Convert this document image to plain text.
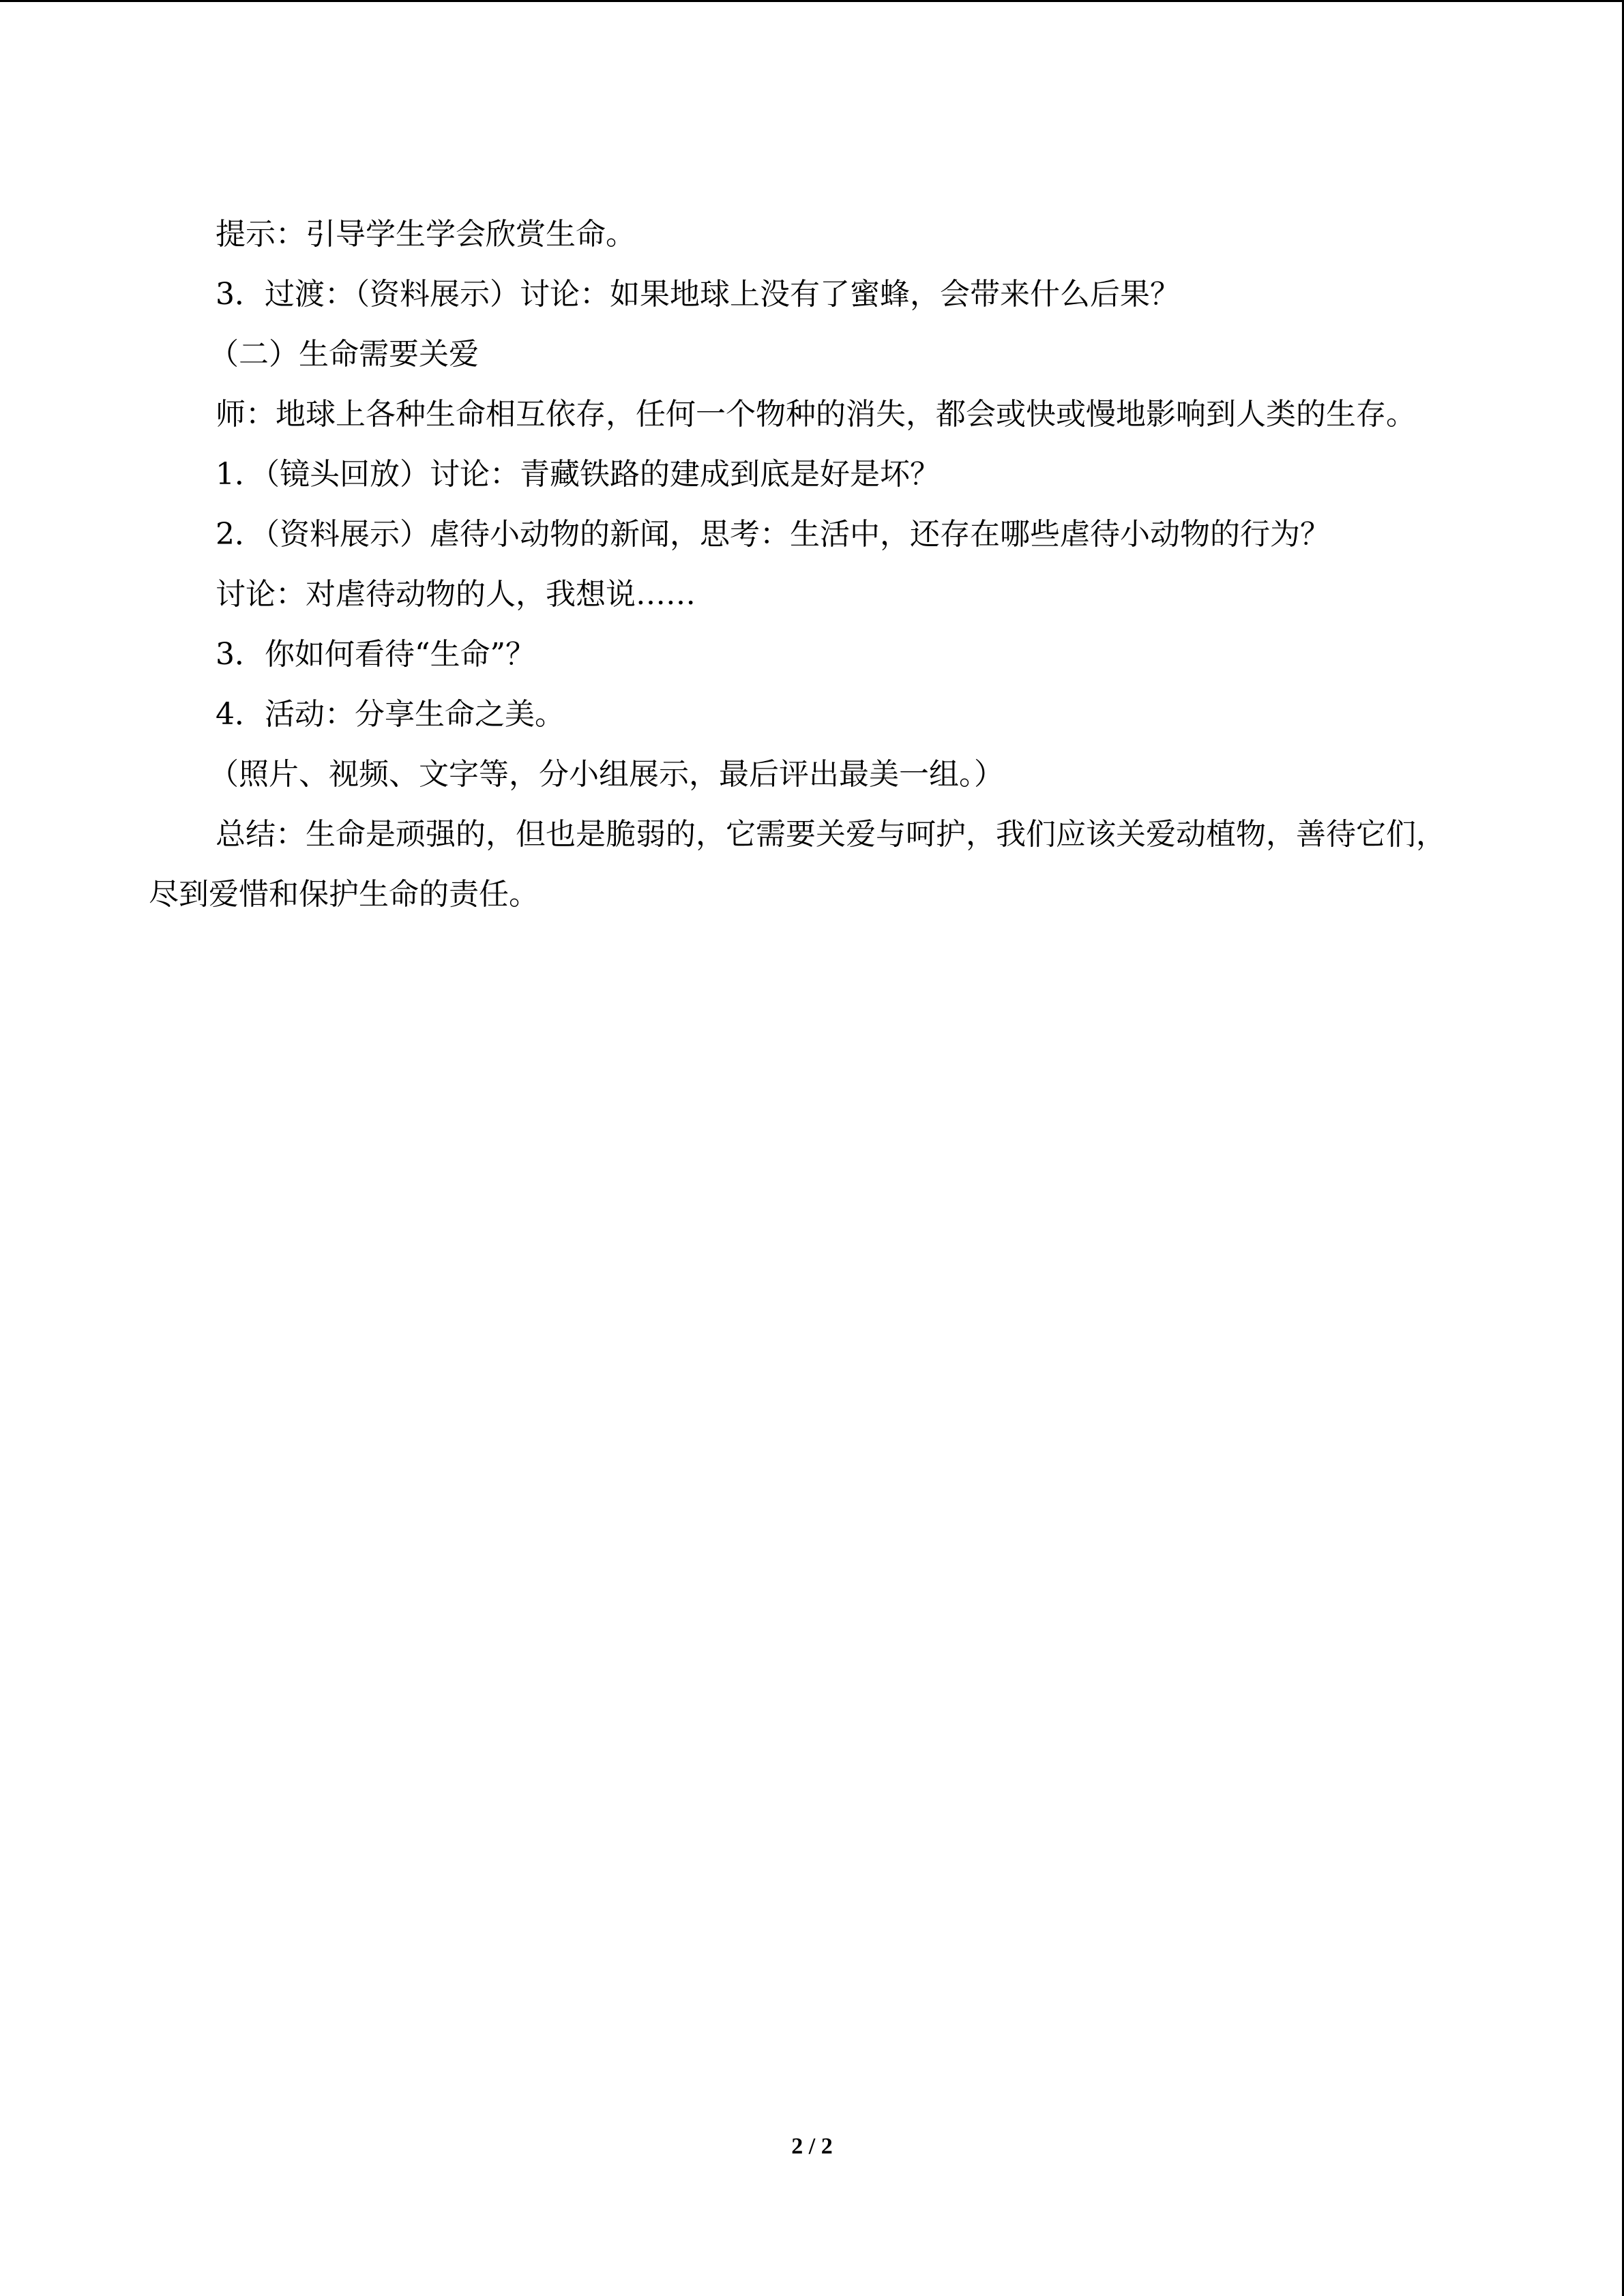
提示：引导学生学会欣赏生命。

3．过渡：（资料展示）讨论：如果地球上没有了蜜蜂，会带来什么后果？

（二）生命需要关爱

师：地球上各种生命相互依存，任何一个物种的消失，都会或快或慢地影响到人类的生存。

1．（镜头回放）讨论：青藏铁路的建成到底是好是坏？

2．（资料展示）虐待小动物的新闻，思考：生活中，还存在哪些虐待小动物的行为？

讨论：对虐待动物的人，我想说……

3．你如何看待“生命”？

4．活动：分享生命之美。

（照片、视频、文字等，分小组展示，最后评出最美一组。）

总结：生命是顽强的，但也是脆弱的，它需要关爱与呵护，我们应该关爱动植物，善待它们，尽到爱惜和保护生命的责任。

2 / 2
